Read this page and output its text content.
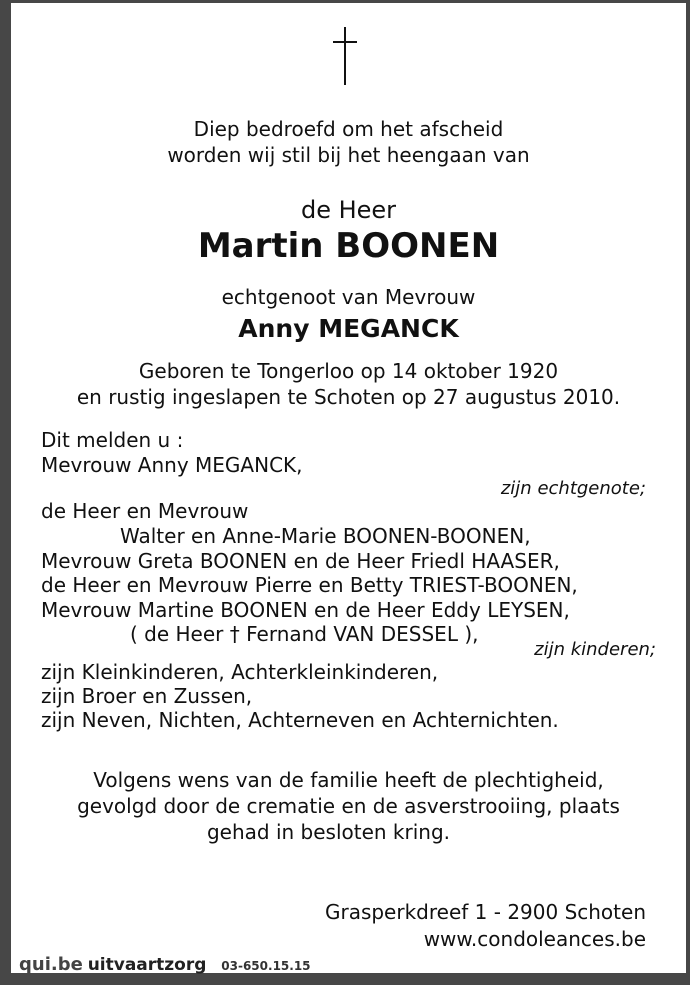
Diep bedroefd om het afscheid
worden wij stil bij het heengaan van
de Heer
Martin BOONEN
echtgenoot van Mevrouw
Anny MEGANCK
Geboren te Tongerloo op 14 oktober 1920
en rustig ingeslapen te Schoten op 27 augustus 2010.
Dit melden u :
Mevrouw Anny MEGANCK,
zijn echtgenote;
de Heer en Mevrouw
Walter en Anne-Marie BOONEN-BOONEN,
Mevrouw Greta BOONEN en de Heer Friedl HAASER,
de Heer en Mevrouw Pierre en Betty TRIEST-BOONEN,
Mevrouw Martine BOONEN en de Heer Eddy LEYSEN,
( de Heer † Fernand VAN DESSEL ),
zijn kinderen;
zijn Kleinkinderen, Achterkleinkinderen,
zijn Broer en Zussen,
zijn Neven, Nichten, Achterneven en Achternichten.
Volgens wens van de familie heeft de plechtigheid,
gevolgd door de crematie en de asverstrooiing, plaats
gehad in besloten kring.
Grasperkdreef 1 - 2900 Schoten
www.condoleances.be
qui.be uitvaartzorg 03-650.15.15
